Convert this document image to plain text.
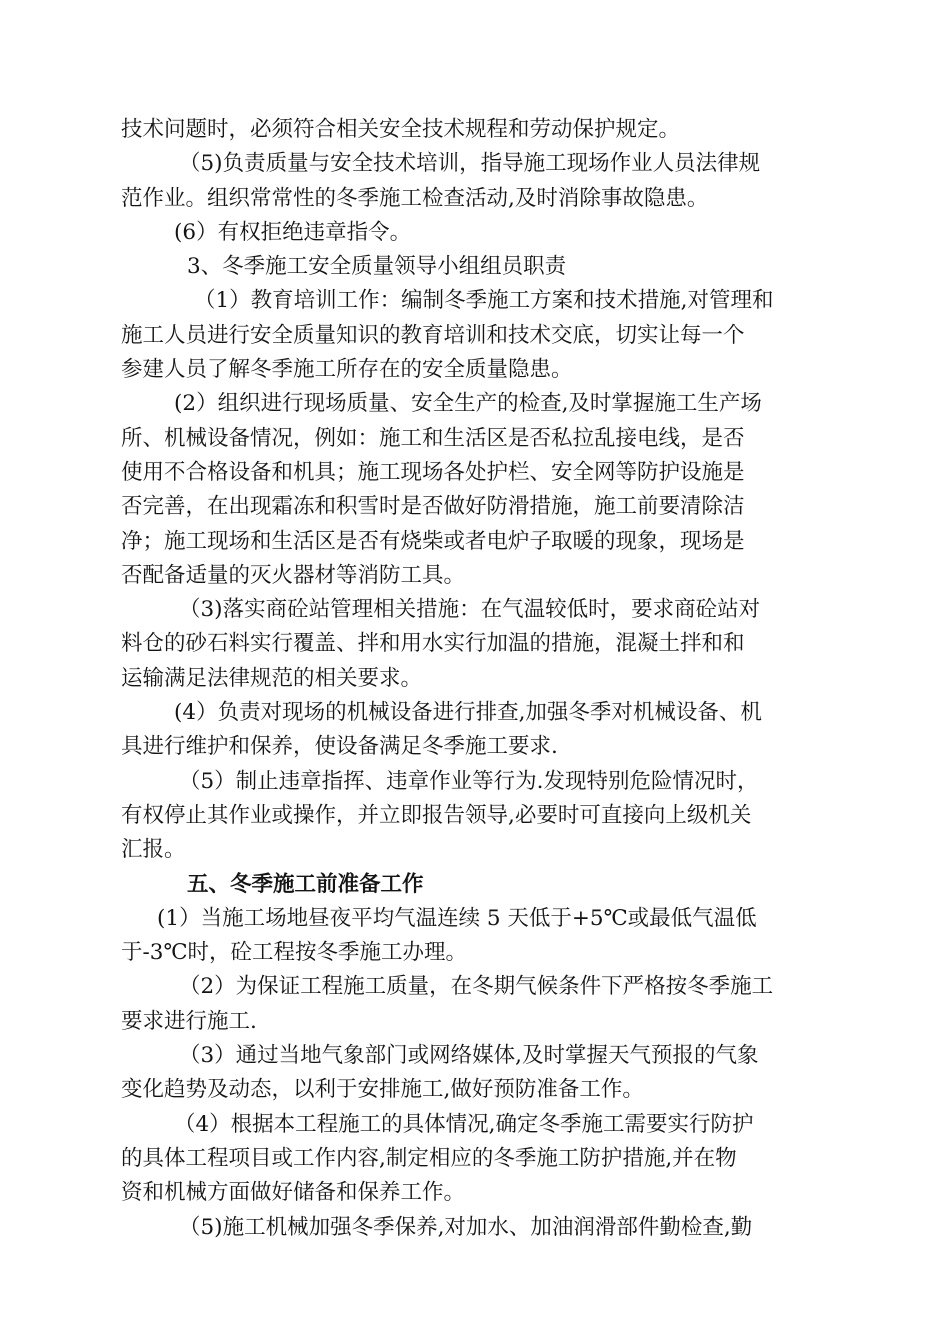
技术问题时，必须符合相关安全技术规程和劳动保护规定。
（5)负责质量与安全技术培训，指导施工现场作业人员法律规
范作业。组织常常性的冬季施工检查活动,及时消除事故隐患。
(6）有权拒绝违章指令。
3、冬季施工安全质量领导小组组员职责
（1）教育培训工作：编制冬季施工方案和技术措施,对管理和
施工人员进行安全质量知识的教育培训和技术交底，切实让每一个
参建人员了解冬季施工所存在的安全质量隐患。
(2）组织进行现场质量、安全生产的检查,及时掌握施工生产场
所、机械设备情况，例如：施工和生活区是否私拉乱接电线，是否
使用不合格设备和机具；施工现场各处护栏、安全网等防护设施是
否完善，在出现霜冻和积雪时是否做好防滑措施，施工前要清除洁
净；施工现场和生活区是否有烧柴或者电炉子取暖的现象，现场是
否配备适量的灭火器材等消防工具。
（3)落实商砼站管理相关措施：在气温较低时，要求商砼站对
料仓的砂石料实行覆盖、拌和用水实行加温的措施，混凝土拌和和
运输满足法律规范的相关要求。
(4）负责对现场的机械设备进行排查,加强冬季对机械设备、机
具进行维护和保养，使设备满足冬季施工要求.
（5）制止违章指挥、违章作业等行为.发现特别危险情况时，
有权停止其作业或操作，并立即报告领导,必要时可直接向上级机关
汇报。
五、冬季施工前准备工作
(1）当施工场地昼夜平均气温连续 5 天低于+5℃或最低气温低
于-3℃时，砼工程按冬季施工办理。
（2）为保证工程施工质量，在冬期气候条件下严格按冬季施工
要求进行施工.
（3）通过当地气象部门或网络媒体,及时掌握天气预报的气象
变化趋势及动态，以利于安排施工,做好预防准备工作。
（4）根据本工程施工的具体情况,确定冬季施工需要实行防护
的具体工程项目或工作内容,制定相应的冬季施工防护措施,并在物
资和机械方面做好储备和保养工作。
（5)施工机械加强冬季保养,对加水、加油润滑部件勤检查,勤
